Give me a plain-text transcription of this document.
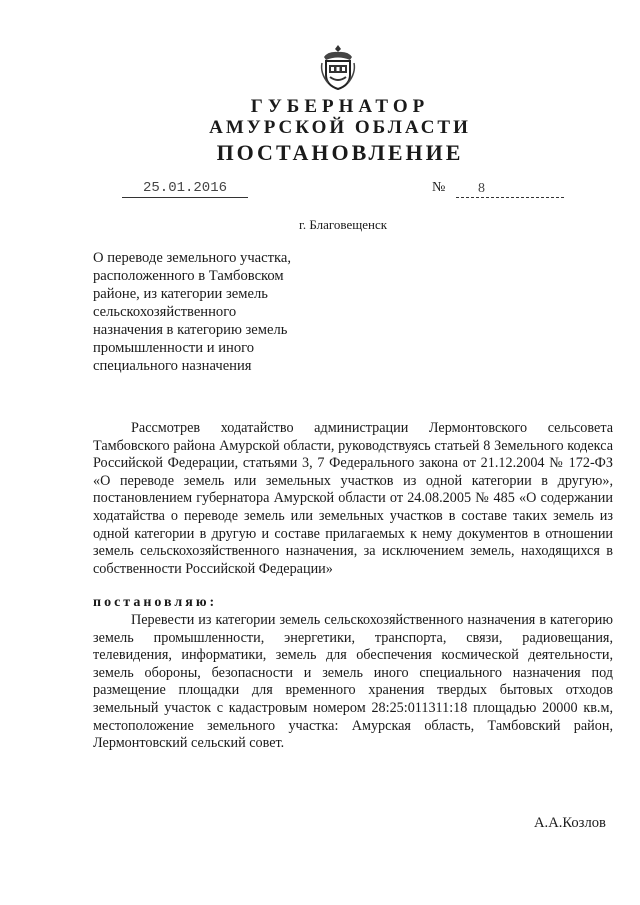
ГУБЕРНАТОР
АМУРСКОЙ ОБЛАСТИ
ПОСТАНОВЛЕНИЕ
25.01.2016	№	8
г. Благовещенск
О переводе земельного участка,
расположенного в Тамбовском
районе, из категории земель
сельскохозяйственного
назначения в категорию земель
промышленности и иного
специального назначения
Рассмотрев ходатайство администрации Лермонтовского сельсовета Тамбовского района Амурской области, руководствуясь статьей 8 Земельного кодекса Российской Федерации, статьями 3, 7 Федерального закона от 21.12.2004 № 172-ФЗ «О переводе земель или земельных участков из одной категории в другую», постановлением губернатора Амурской области от 24.08.2005 № 485 «О содержании ходатайства о переводе земель или земельных участков в составе таких земель из одной категории в другую и составе прилагаемых к нему документов в отношении земель сельскохозяйственного назначения, за исключением земель, находящихся в собственности Российской Федерации»
постановляю:
Перевести из категории земель сельскохозяйственного назначения в категорию земель промышленности, энергетики, транспорта, связи, радиовещания, телевидения, информатики, земель для обеспечения космической деятельности, земель обороны, безопасности и земель иного специального назначения под размещение площадки для временного хранения твердых бытовых отходов земельный участок с кадастровым номером 28:25:011311:18 площадью 20000 кв.м, местоположение земельного участка: Амурская область, Тамбовский район, Лермонтовский сельский совет.
А.А.Козлов
